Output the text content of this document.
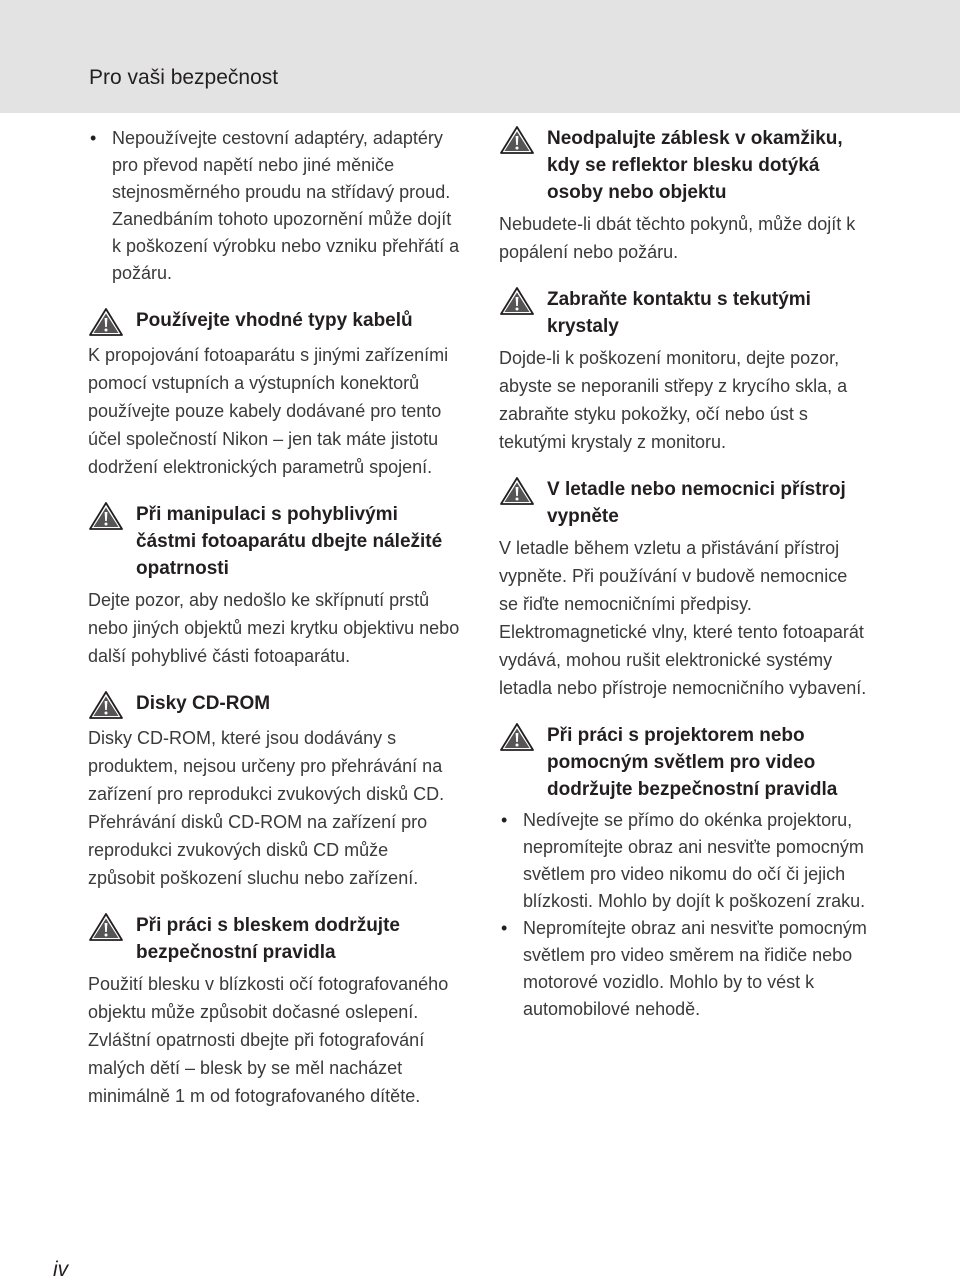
Pro vaši bezpečnost
• Nepoužívejte cestovní adaptéry, adaptéry pro převod napětí nebo jiné měniče stejnosměrného proudu na střídavý proud. Zanedbáním tohoto upozornění může dojít k poškození výrobku nebo vzniku přehřátí a požáru.
Používejte vhodné typy kabelů

K propojování fotoaparátu s jinými zařízeními pomocí vstupních a výstupních konektorů používejte pouze kabely dodávané pro tento účel společností Nikon – jen tak máte jistotu dodržení elektronických parametrů spojení.

Při manipulaci s pohyblivými částmi fotoaparátu dbejte náležité opatrnosti

Dejte pozor, aby nedošlo ke skřípnutí prstů nebo jiných objektů mezi krytku objektivu nebo další pohyblivé části fotoaparátu.

Disky CD-ROM

Disky CD-ROM, které jsou dodávány s produktem, nejsou určeny pro přehrávání na zařízení pro reprodukci zvukových disků CD. Přehrávání disků CD-ROM na zařízení pro reprodukci zvukových disků CD může způsobit poškození sluchu nebo zařízení.

Při práci s bleskem dodržujte bezpečnostní pravidla

Použití blesku v blízkosti očí fotografovaného objektu může způsobit dočasné oslepení. Zvláštní opatrnosti dbejte při fotografování malých dětí – blesk by se měl nacházet minimálně 1 m od fotografovaného dítěte.

Neodpalujte záblesk v okamžiku, kdy se reflektor blesku dotýká osoby nebo objektu

Nebudete-li dbát těchto pokynů, může dojít k popálení nebo požáru.

Zabraňte kontaktu s tekutými krystaly

Dojde-li k poškození monitoru, dejte pozor, abyste se neporanili střepy z krycího skla, a zabraňte styku pokožky, očí nebo úst s tekutými krystaly z monitoru.

V letadle nebo nemocnici přístroj vypněte

V letadle během vzletu a přistávání přístroj vypněte. Při používání v budově nemocnice se řiďte nemocničními předpisy. Elektromagnetické vlny, které tento fotoaparát vydává, mohou rušit elektronické systémy letadla nebo přístroje nemocničního vybavení.

Při práci s projektorem nebo pomocným světlem pro video dodržujte bezpečnostní pravidla
• Nedívejte se přímo do okénka projektoru, nepromítejte obraz ani nesviťte pomocným světlem pro video nikomu do očí či jejich blízkosti. Mohlo by dojít k poškození zraku.
• Nepromítejte obraz ani nesviťte pomocným světlem pro video směrem na řidiče nebo motorové vozidlo. Mohlo by to vést k automobilové nehodě.
iv
